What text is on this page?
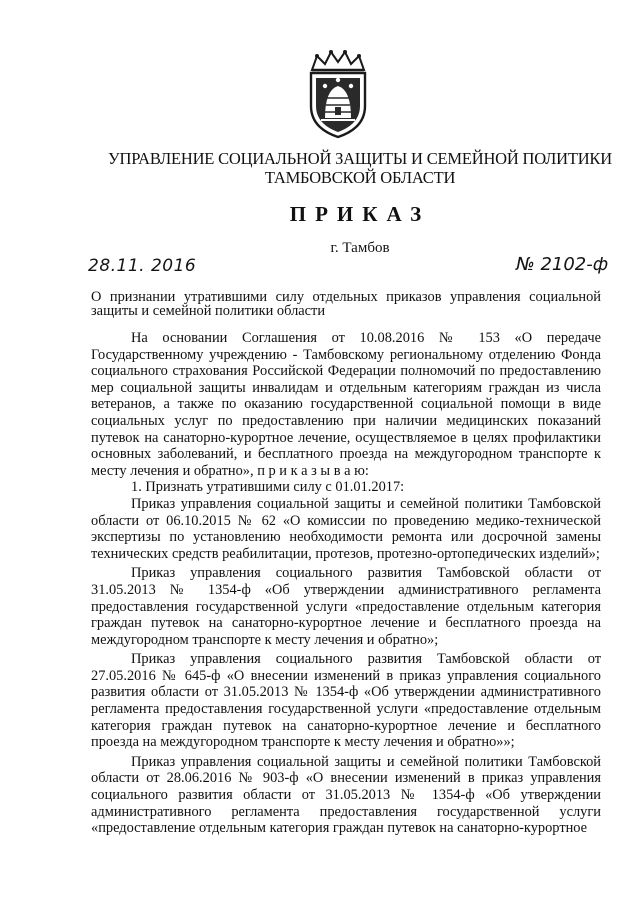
УПРАВЛЕНИЕ СОЦИАЛЬНОЙ ЗАЩИТЫ И СЕМЕЙНОЙ ПОЛИТИКИ
ТАМБОВСКОЙ ОБЛАСТИ
ПРИКАЗ
г. Тамбов
28.11. 2016	№ 2102-ф
О признании утратившими силу отдельных приказов управления социальной защиты и семейной политики области

На основании Соглашения от 10.08.2016 № 153 «О передаче Государственному учреждению - Тамбовскому региональному отделению Фонда социального страхования Российской Федерации полномочий по предоставлению мер социальной защиты инвалидам и отдельным категориям граждан из числа ветеранов, а также по оказанию государственной социальной помощи в виде социальных услуг по предоставлению при наличии медицинских показаний путевок на санаторно-курортное лечение, осуществляемое в целях профилактики основных заболеваний, и бесплатного проезда на междугородном транспорте к месту лечения и обратно», п р и к а з ы в а ю:

1. Признать утратившими силу с 01.01.2017:

Приказ управления социальной защиты и семейной политики Тамбовской области от 06.10.2015 № 62 «О комиссии по проведению медико-технической экспертизы по установлению необходимости ремонта или досрочной замены технических средств реабилитации, протезов, протезно-ортопедических изделий»;

Приказ управления социального развития Тамбовской области от 31.05.2013 № 1354-ф «Об утверждении административного регламента предоставления государственной услуги «предоставление отдельным категория граждан путевок на санаторно-курортное лечение и бесплатного проезда на междугородном транспорте к месту лечения и обратно»;

Приказ управления социального развития Тамбовской области от 27.05.2016 № 645-ф «О внесении изменений в приказ управления социального развития области от 31.05.2013 № 1354-ф «Об утверждении административного регламента предоставления государственной услуги «предоставление отдельным категория граждан путевок на санаторно-курортное лечение и бесплатного проезда на междугородном транспорте к месту лечения и обратно»»;

Приказ управления социальной защиты и семейной политики Тамбовской области от 28.06.2016 № 903-ф «О внесении изменений в приказ управления социального развития области от 31.05.2013 № 1354-ф «Об утверждении административного регламента предоставления государственной услуги «предоставление отдельным категория граждан путевок на санаторно-курортное
